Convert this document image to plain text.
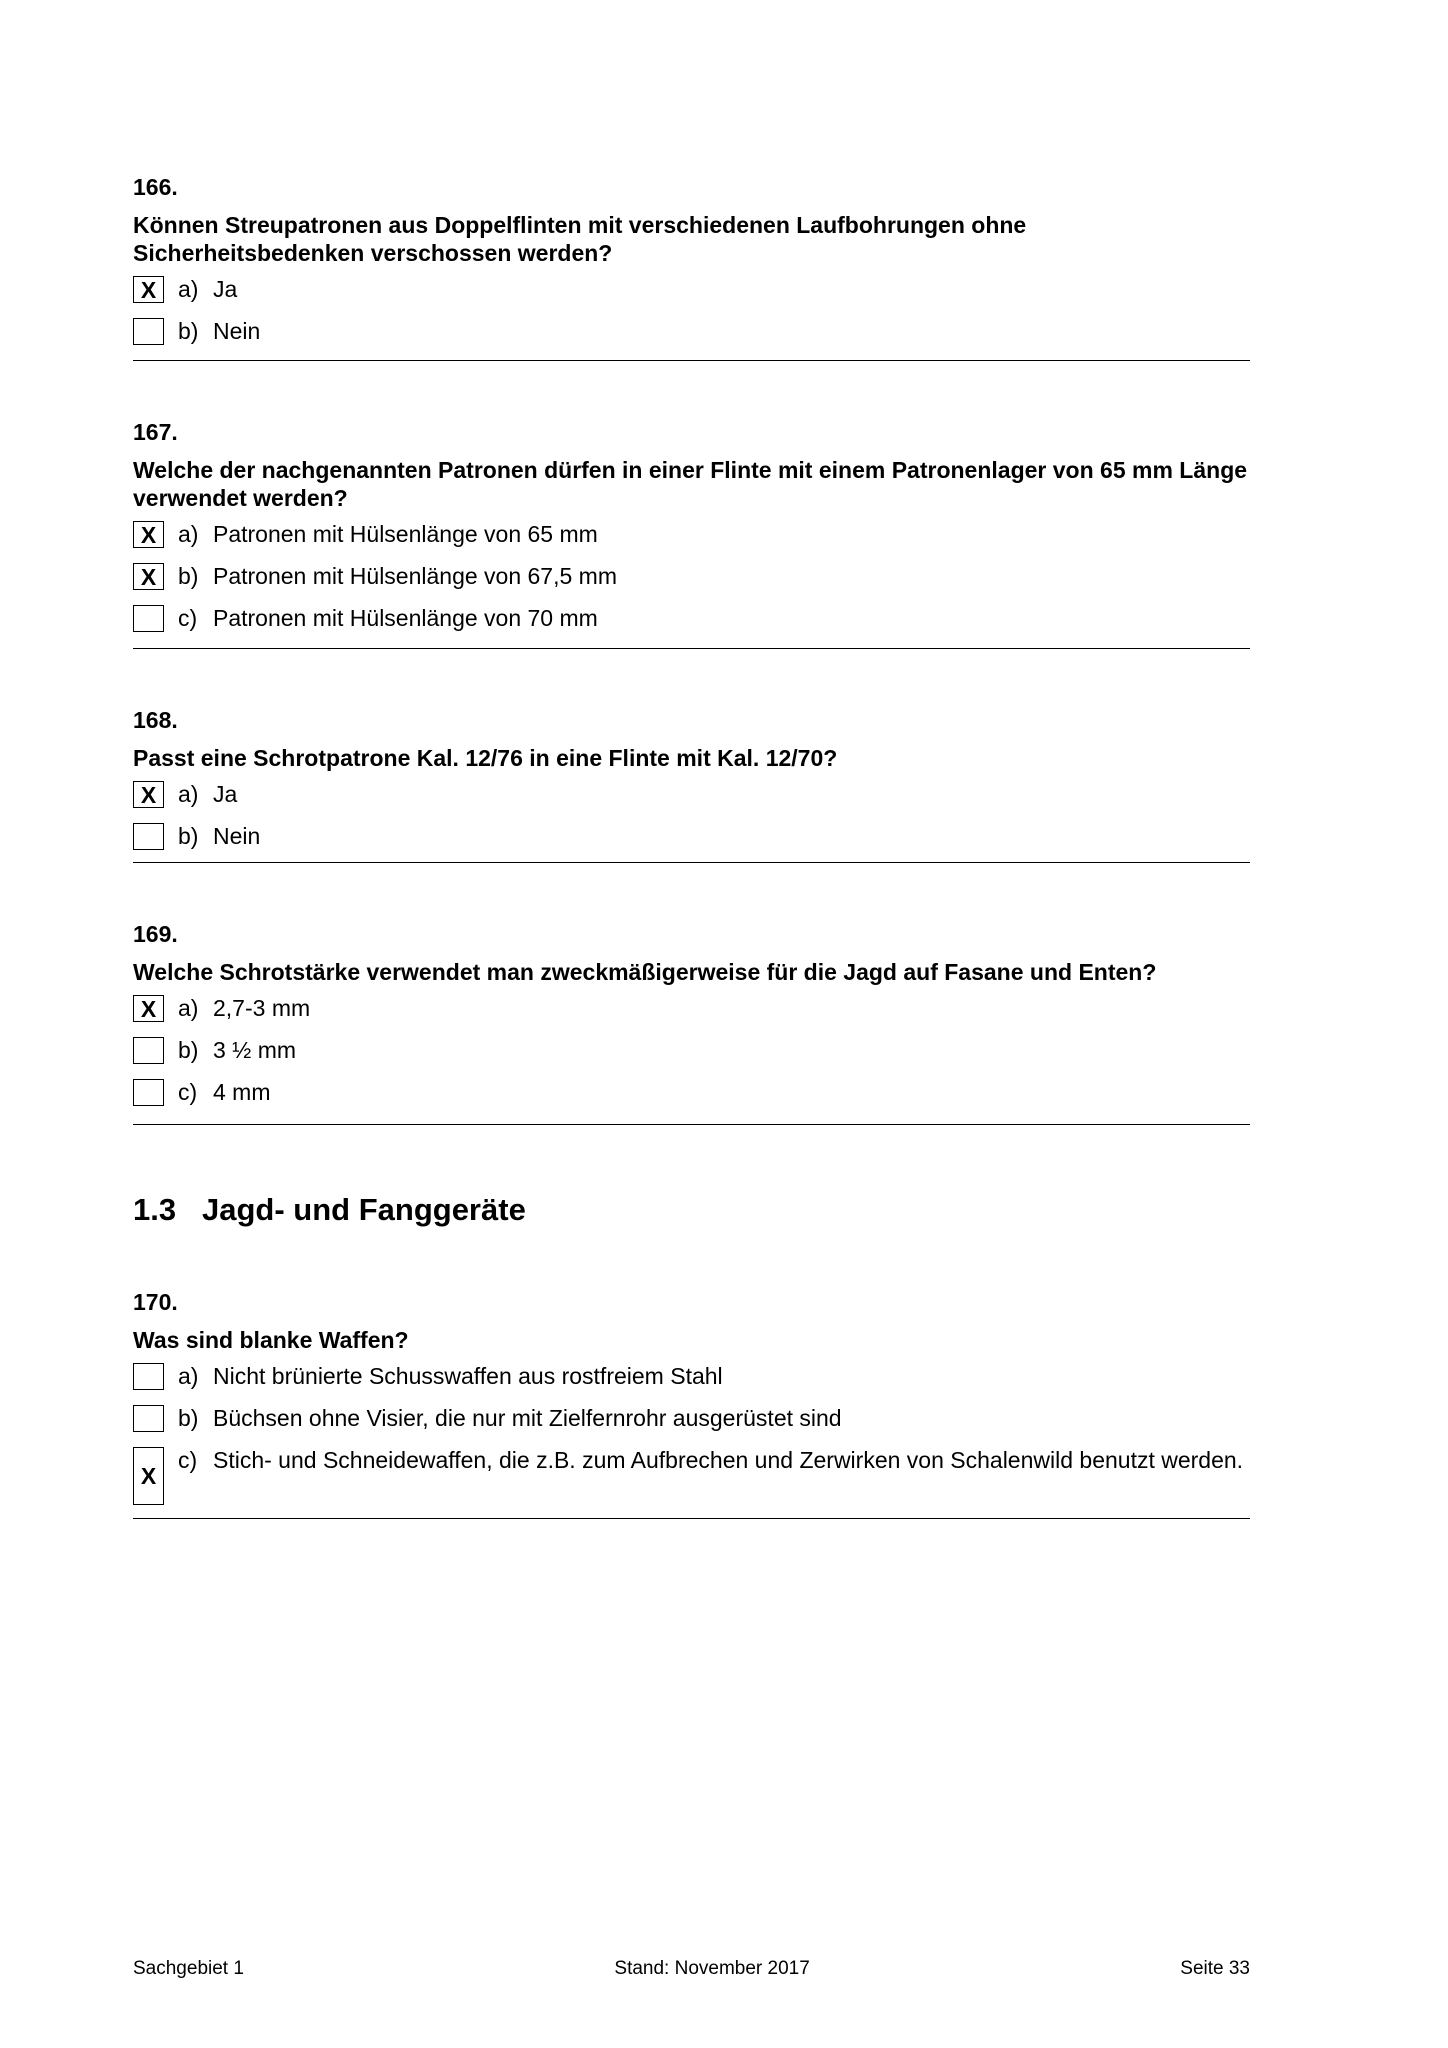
166.
Können Streupatronen aus Doppelflinten mit verschiedenen Laufbohrungen ohne Sicherheitsbedenken verschossen werden?
X a) Ja
b) Nein
167.
Welche der nachgenannten Patronen dürfen in einer Flinte mit einem Patronenlager von 65 mm Länge verwendet werden?
X a) Patronen mit Hülsenlänge von 65 mm
X b) Patronen mit Hülsenlänge von 67,5 mm
c) Patronen mit Hülsenlänge von 70 mm
168.
Passt eine Schrotpatrone Kal. 12/76 in eine Flinte mit Kal. 12/70?
X a) Ja
b) Nein
169.
Welche Schrotstärke verwendet man zweckmäßigerweise für die Jagd auf Fasane und Enten?
X a) 2,7-3 mm
b) 3 ½ mm
c) 4 mm
1.3 Jagd- und Fanggeräte
170.
Was sind blanke Waffen?
a) Nicht brünierte Schusswaffen aus rostfreiem Stahl
b) Büchsen ohne Visier, die nur mit Zielfernrohr ausgerüstet sind
X
c) Stich- und Schneidewaffen, die z.B. zum Aufbrechen und Zerwirken von Schalenwild benutzt werden.
Sachgebiet 1	Stand: November 2017	Seite 33
